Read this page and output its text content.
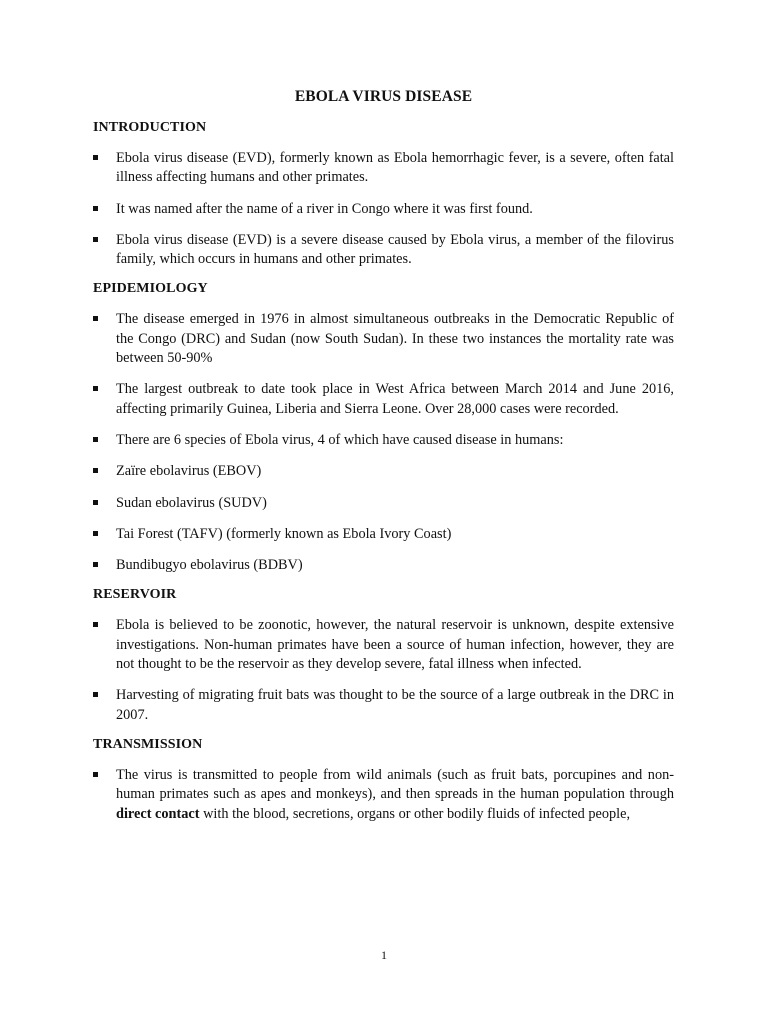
EBOLA VIRUS DISEASE
INTRODUCTION
Ebola virus disease (EVD), formerly known as Ebola hemorrhagic fever, is a severe, often fatal illness affecting humans and other primates.
It was named after the name of a river in Congo where it was first found.
Ebola virus disease (EVD) is a severe disease caused by Ebola virus, a member of the filovirus family, which occurs in humans and other primates.
EPIDEMIOLOGY
The disease emerged in 1976 in almost simultaneous outbreaks in the Democratic Republic of the Congo (DRC) and Sudan (now South Sudan). In these two instances the mortality rate was between 50-90%
The largest outbreak to date took place in West Africa between March 2014 and June 2016, affecting primarily Guinea, Liberia and Sierra Leone. Over 28,000 cases were recorded.
There are 6 species of Ebola virus, 4 of which have caused disease in humans:
Zaïre ebolavirus (EBOV)
Sudan ebolavirus (SUDV)
Tai Forest (TAFV) (formerly known as Ebola Ivory Coast)
Bundibugyo ebolavirus (BDBV)
RESERVOIR
Ebola is believed to be zoonotic, however, the natural reservoir is unknown, despite extensive investigations. Non-human primates have been a source of human infection, however, they are not thought to be the reservoir as they develop severe, fatal illness when infected.
Harvesting of migrating fruit bats was thought to be the source of a large outbreak in the DRC in 2007.
TRANSMISSION
The virus is transmitted to people from wild animals (such as fruit bats, porcupines and non-human primates such as apes and monkeys), and then spreads in the human population through direct contact with the blood, secretions, organs or other bodily fluids of infected people,
1
